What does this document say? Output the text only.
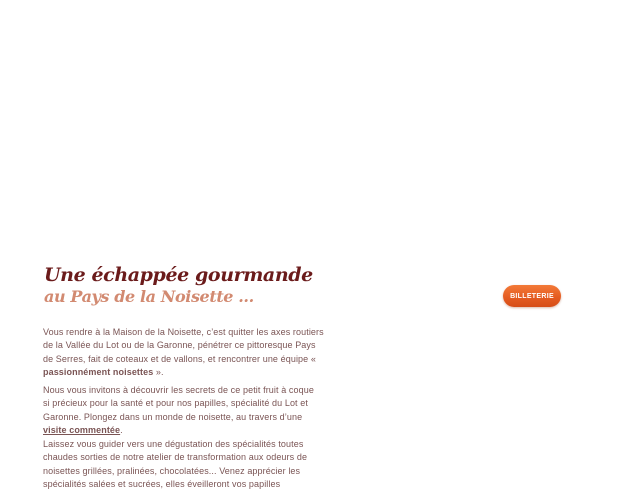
Une échappée gourmande
au Pays de la Noisette ...	BILLETERIE
Vous rendre à la Maison de la Noisette, c’est quitter les axes routiers
de la Vallée du Lot ou de la Garonne, pénétrer ce pittoresque Pays
de Serres, fait de coteaux et de vallons, et rencontrer une équipe «
passionnément noisettes ».
Nous vous invitons à découvrir les secrets de ce petit fruit à coque
si précieux pour la santé et pour nos papilles, spécialité du Lot et
Garonne. Plongez dans un monde de noisette, au travers d’une
visite commentée.
Laissez vous guider vers une dégustation des spécialités toutes
chaudes sorties de notre atelier de transformation aux odeurs de
noisettes grillées, pralinées, chocolatées... Venez apprécier les
spécialités salées et sucrées, elles éveilleront vos papilles
